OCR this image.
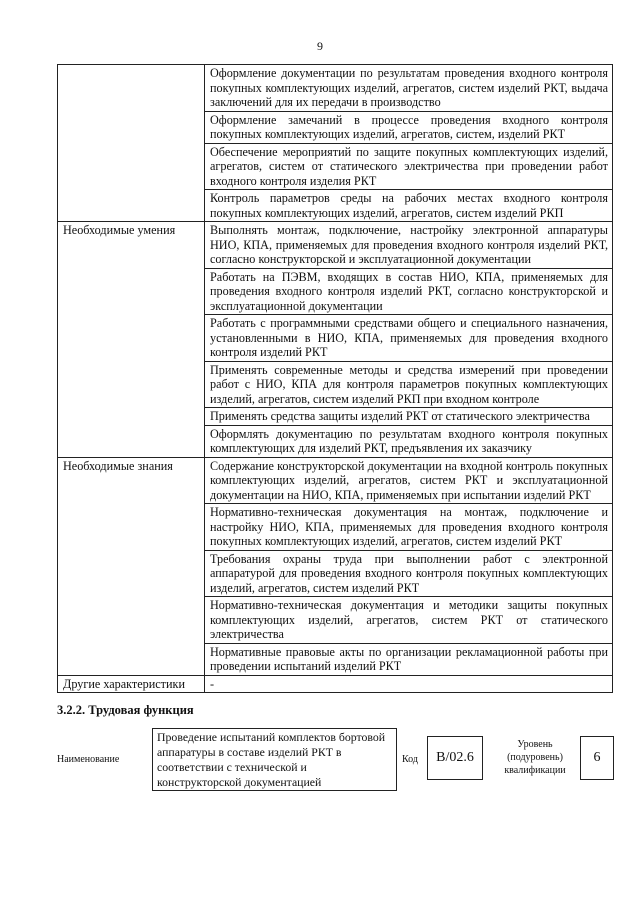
9
	Оформление документации по результатам проведения входного контроля покупных комплектующих изделий, агрегатов, систем изделий РКТ, выдача заключений для их передачи в производство
	Оформление замечаний в процессе проведения входного контроля покупных комплектующих изделий, агрегатов, систем, изделий РКТ
	Обеспечение мероприятий по защите покупных комплектующих изделий, агрегатов, систем от статического электричества при проведении работ входного контроля изделия РКТ
	Контроль параметров среды на рабочих местах входного контроля покупных комплектующих изделий, агрегатов, систем изделий РКП
Необходимые умения	Выполнять монтаж, подключение, настройку электронной аппаратуры НИО, КПА, применяемых для проведения входного контроля изделий РКТ, согласно конструкторской и эксплуатационной документации
	Работать на ПЭВМ, входящих в состав НИО, КПА, применяемых для проведения входного контроля изделий РКТ, согласно конструкторской и эксплуатационной документации
	Работать с программными средствами общего и специального назначения, установленными в НИО, КПА, применяемых для проведения входного контроля изделий РКТ
	Применять современные методы и средства измерений при проведении работ с НИО, КПА для контроля параметров покупных комплектующих изделий, агрегатов, систем изделий РКП при входном контроле
	Применять средства защиты изделий РКТ от статического электричества
	Оформлять документацию по результатам входного контроля покупных комплектующих для изделий РКТ, предъявления их заказчику
Необходимые знания	Содержание конструкторской документации на входной контроль покупных комплектующих изделий, агрегатов, систем РКТ и эксплуатационной документации на НИО, КПА, применяемых при испытании изделий РКТ
	Нормативно-техническая документация на монтаж, подключение и настройку НИО, КПА, применяемых для проведения входного контроля покупных комплектующих изделий, агрегатов, систем изделий РКТ
	Требования охраны труда при выполнении работ с электронной аппаратурой для проведения входного контроля покупных комплектующих изделий, агрегатов, систем изделий РКТ
	Нормативно-техническая документация и методики защиты покупных комплектующих изделий, агрегатов, систем РКТ от статического электричества
	Нормативные правовые акты по организации рекламационной работы при проведении испытаний изделий РКТ
Другие характеристики	-
3.2.2. Трудовая функция
Наименование
Проведение испытаний комплектов бортовой аппаратуры в составе изделий РКТ в соответствии с технической и конструкторской документацией
Код	В/02.6
Уровень (подуровень) квалификации
6
